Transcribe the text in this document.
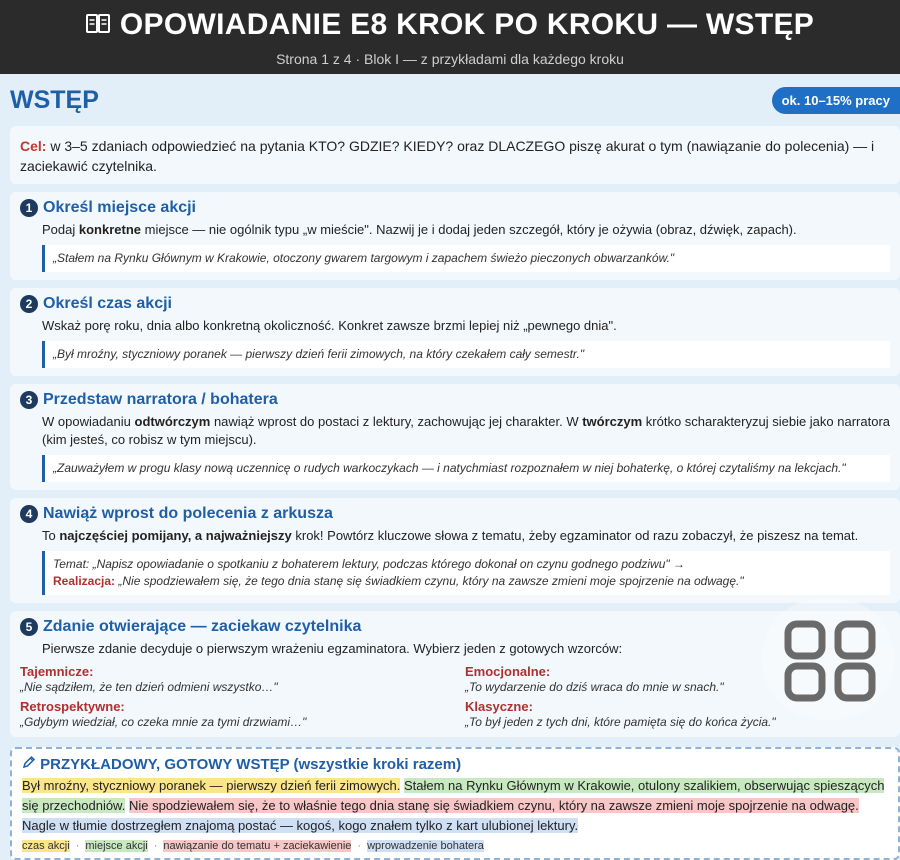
OPOWIADANIE E8 KROK PO KROKU — WSTĘP
Strona 1 z 4 · Blok I — z przykładami dla każdego kroku
WSTĘP	ok. 10–15% pracy
Cel: w 3–5 zdaniach odpowiedzieć na pytania KTO? GDZIE? KIEDY? oraz DLACZEGO piszę akurat o tym (nawiązanie do polecenia) — i zaciekawić czytelnika.
1 Określ miejsce akcji
Podaj konkretne miejsce — nie ogólnik typu „w mieście". Nazwij je i dodaj jeden szczegół, który je ożywia (obraz, dźwięk, zapach).
„Stałem na Rynku Głównym w Krakowie, otoczony gwarem targowym i zapachem świeżo pieczonych obwarzanków."
2 Określ czas akcji
Wskaż porę roku, dnia albo konkretną okoliczność. Konkret zawsze brzmi lepiej niż „pewnego dnia".
„Był mroźny, styczniowy poranek — pierwszy dzień ferii zimowych, na który czekałem cały semestr."
3 Przedstaw narratora / bohatera
W opowiadaniu odtwórczym nawiąż wprost do postaci z lektury, zachowując jej charakter. W twórczym krótko scharakteryzuj siebie jako narratora (kim jesteś, co robisz w tym miejscu).
„Zauważyłem w progu klasy nową uczennicę o rudych warkoczykach — i natychmiast rozpoznałem w niej bohaterkę, o której czytaliśmy na lekcjach."
4 Nawiąż wprost do polecenia z arkusza
To najczęściej pomijany, a najważniejszy krok! Powtórz kluczowe słowa z tematu, żeby egzaminator od razu zobaczył, że piszesz na temat.
Temat: „Napisz opowiadanie o spotkaniu z bohaterem lektury, podczas którego dokonał on czynu godnego podziwu" →
Realizacja: „Nie spodziewałem się, że tego dnia stanę się świadkiem czynu, który na zawsze zmieni moje spojrzenie na odwagę."
5 Zdanie otwierające — zaciekaw czytelnika
Pierwsze zdanie decyduje o pierwszym wrażeniu egzaminatora. Wybierz jeden z gotowych wzorców:
Tajemnicze:
„Nie sądziłem, że ten dzień odmieni wszystko…"
Emocjonalne:
„To wydarzenie do dziś wraca do mnie w snach."
Retrospektywne:
„Gdybym wiedział, co czeka mnie za tymi drzwiami…"
Klasyczne:
„To był jeden z tych dni, które pamięta się do końca życia."
PRZYKŁADOWY, GOTOWY WSTĘP (wszystkie kroki razem)
Był mroźny, styczniowy poranek — pierwszy dzień ferii zimowych. Stałem na Rynku Głównym w Krakowie, otulony szalikiem, obserwując spieszących się przechodniów. Nie spodziewałem się, że to właśnie tego dnia stanę się świadkiem czynu, który na zawsze zmieni moje spojrzenie na odwagę. Nagle w tłumie dostrzegłem znajomą postać — kogoś, kogo znałem tylko z kart ulubionej lektury.
czas akcji · miejsce akcji · nawiązanie do tematu + zaciekawienie · wprowadzenie bohatera
